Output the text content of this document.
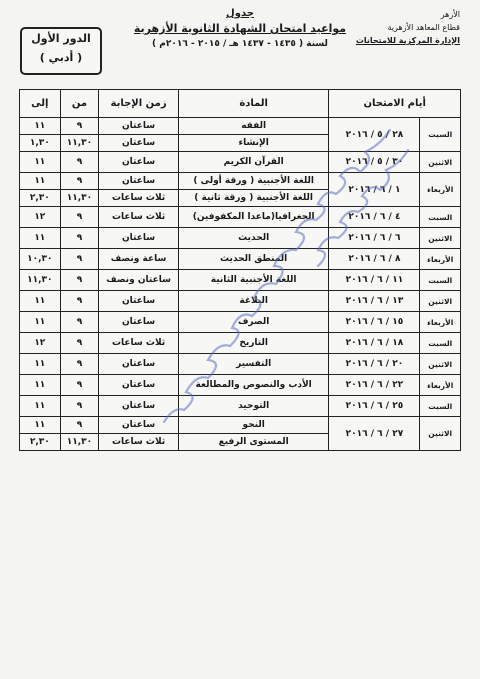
الأزهر
قطاع المعاهد الأزهرية
الإدارة المركزية للامتحانات
جدول
مواعيد امتحان الشهادة الثانوية الأزهرية
لسنة ( ١٤٣٥ - ١٤٣٧ هـ / ٢٠١٥ - ٢٠١٦م )
الدور الأول
( أدبي )
أيام الامتحان		المادة	زمن الإجابة	من	إلى
السبت	٢٨ / ٥ / ٢٠١٦	الفقه	ساعتان	٩	١١
		الإنشاء	ساعتان	١١,٣٠	١,٣٠
الاثنين	٣٠ / ٥ / ٢٠١٦	القرآن الكريم	ساعتان	٩	١١
الأربعاء	١ / ٦ / ٢٠١٦	اللغة الأجنبية ( ورقة أولى )	ساعتان	٩	١١
		اللغة الأجنبية ( ورقة ثانية )	ثلاث ساعات	١١,٣٠	٢,٣٠
السبت	٤ / ٦ / ٢٠١٦	الجغرافيا(ماعدا المكفوفين)	ثلاث ساعات	٩	١٢
الاثنين	٦ / ٦ / ٢٠١٦	الحديث	ساعتان	٩	١١
الأربعاء	٨ / ٦ / ٢٠١٦	المنطق الحديث	ساعة ونصف	٩	١٠,٣٠
السبت	١١ / ٦ / ٢٠١٦	اللغة الأجنبية الثانية	ساعتان ونصف	٩	١١,٣٠
الاثنين	١٣ / ٦ / ٢٠١٦	البلاغة	ساعتان	٩	١١
الأربعاء	١٥ / ٦ / ٢٠١٦	الصرف	ساعتان	٩	١١
السبت	١٨ / ٦ / ٢٠١٦	التاريخ	ثلاث ساعات	٩	١٢
الاثنين	٢٠ / ٦ / ٢٠١٦	التفسير	ساعتان	٩	١١
الأربعاء	٢٢ / ٦ / ٢٠١٦	الأدب والنصوص والمطالعة	ساعتان	٩	١١
السبت	٢٥ / ٦ / ٢٠١٦	التوحيد	ساعتان	٩	١١
الاثنين	٢٧ / ٦ / ٢٠١٦	النحو	ساعتان	٩	١١
		المستوى الرفيع	ثلاث ساعات	١١,٣٠	٢,٣٠
